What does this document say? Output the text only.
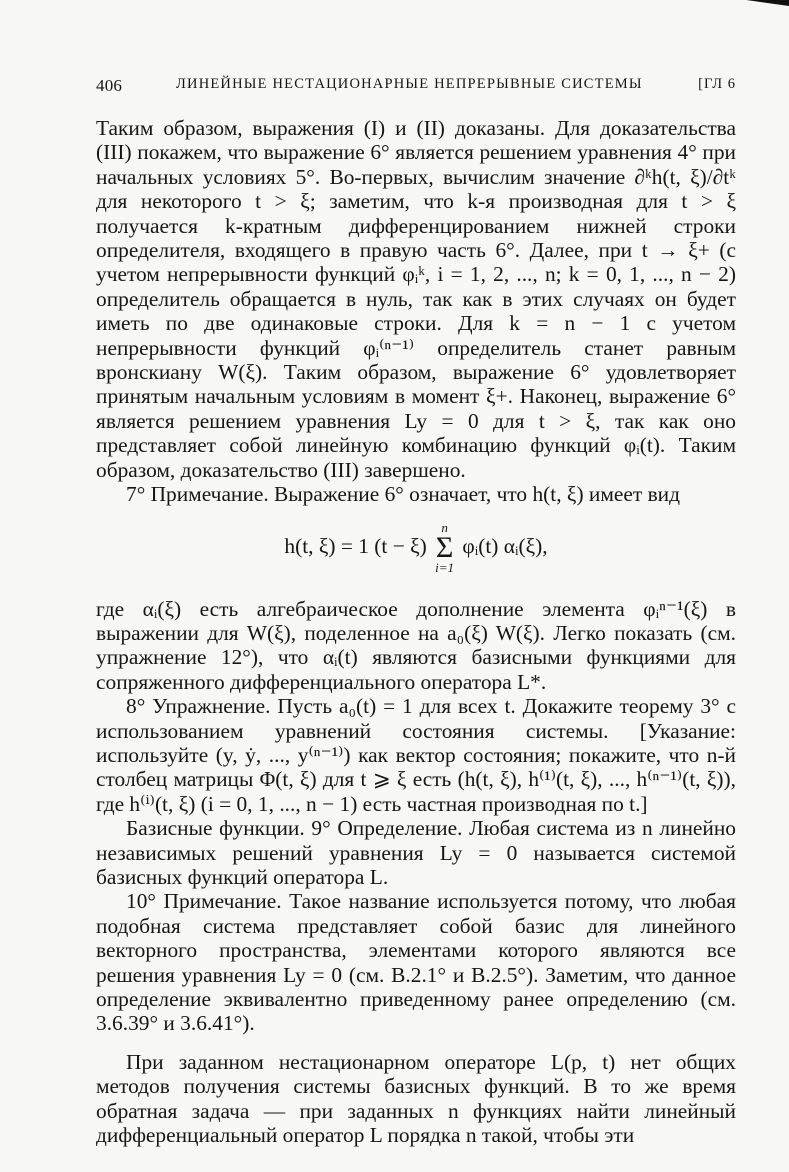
406	ЛИНЕЙНЫЕ НЕСТАЦИОНАРНЫЕ НЕПРЕРЫВНЫЕ СИСТЕМЫ	[ГЛ 6

Таким образом, выражения (I) и (II) доказаны. Для доказательства (III) покажем, что выражение 6° является решением уравнения 4° при начальных условиях 5°. Во-первых, вычислим значение ∂ᵏh(t, ξ)/∂tᵏ для некоторого t > ξ; заметим, что k-я производная для t > ξ получается k-кратным дифференцированием нижней строки определителя, входящего в правую часть 6°. Далее, при t → ξ+ (с учетом непрерывности функций φᵢᵏ, i = 1, 2, ..., n; k = 0, 1, ..., n − 2) определитель обращается в нуль, так как в этих случаях он будет иметь по две одинаковые строки. Для k = n − 1 с учетом непрерывности функций φᵢ⁽ⁿ⁻¹⁾ определитель станет равным вронскиану W(ξ). Таким образом, выражение 6° удовлетворяет принятым начальным условиям в момент ξ+. Наконец, выражение 6° является решением уравнения Ly = 0 для t > ξ, так как оно представляет собой линейную комбинацию функций φᵢ(t). Таким образом, доказательство (III) завершено.

7° Примечание. Выражение 6° означает, что h(t, ξ) имеет вид

h(t, ξ) = 1 (t − ξ)
n
Σ
i=1
φᵢ(t) αᵢ(ξ),

где αᵢ(ξ) есть алгебраическое дополнение элемента φᵢⁿ⁻¹(ξ) в выражении для W(ξ), поделенное на a₀(ξ) W(ξ). Легко показать (см. упражнение 12°), что αᵢ(t) являются базисными функциями для сопряженного дифференциального оператора L*.

8° Упражнение. Пусть a₀(t) = 1 для всех t. Докажите теорему 3° с использованием уравнений состояния системы. [Указание: используйте (y, ẏ, ..., y⁽ⁿ⁻¹⁾) как вектор состояния; покажите, что n-й столбец матрицы Φ(t, ξ) для t ⩾ ξ есть (h(t, ξ), h⁽¹⁾(t, ξ), ..., h⁽ⁿ⁻¹⁾(t, ξ)), где h⁽ⁱ⁾(t, ξ) (i = 0, 1, ..., n − 1) есть частная производная по t.]

Базисные функции. 9° Определение. Любая система из n линейно независимых решений уравнения Ly = 0 называется системой базисных функций оператора L.

10° Примечание. Такое название используется потому, что любая подобная система представляет собой базис для линейного векторного пространства, элементами которого являются все решения уравнения Ly = 0 (см. B.2.1° и B.2.5°). Заметим, что данное определение эквивалентно приведенному ранее определению (см. 3.6.39° и 3.6.41°).

При заданном нестационарном операторе L(p, t) нет общих методов получения системы базисных функций. В то же время обратная задача — при заданных n функциях найти линейный дифференциальный оператор L порядка n такой, чтобы эти
